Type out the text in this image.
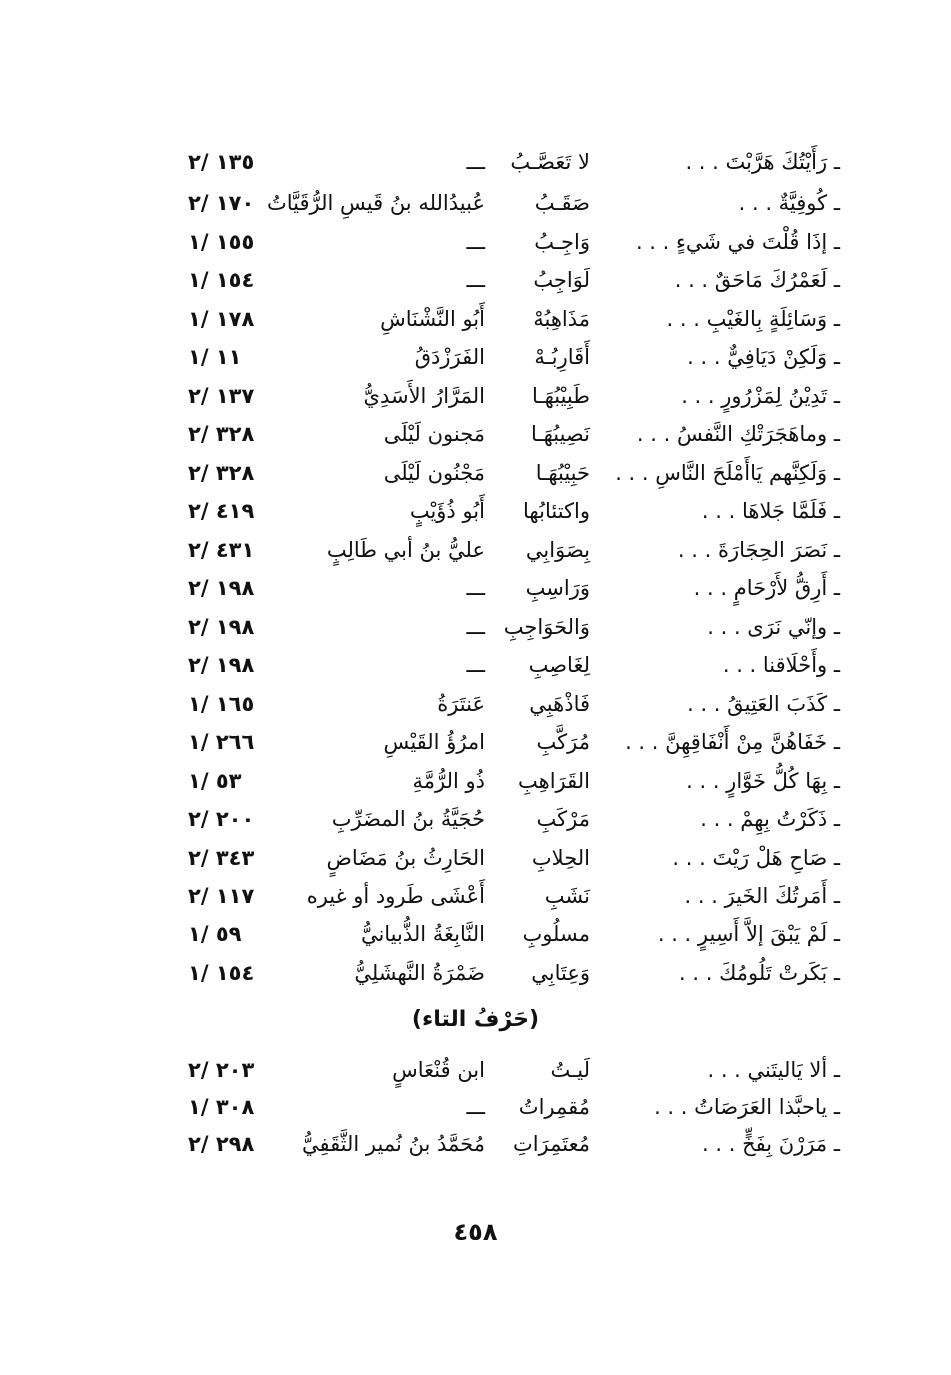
ـ رَأَيْتُكَ هَرَّبْتَ . . .
لا تَعَصَّـبُ
ـــ
١٣٥ /٢
ـ كُوفِيَّةٌ . . .
صَقَـبُ
عُبيدُالله بنُ قَيسِ الرُّقَيَّاتُ
١٧٠ /٢
ـ إذَا قُلْتَ في شَيءٍ . . .
وَاجِـبُ
ـــ
١٥٥ /١
ـ لَعَمْرُكَ مَاحَقٌ . . .
لَوَاجِبُ
ـــ
١٥٤ /١
ـ وَسَائِلَةٍ بِالغَيْبِ . . .
مَذَاهِبُهْ
أَبُو النَّشْنَاشِ
١٧٨ /١
ـ وَلَكِنْ دَيَافِيٌّ . . .
أَقَارِبُـهْ
الفَرَزْدَقُ
١١ /١
ـ تَدِيْنُ لِمَزْرُورٍ . . .
طَبِيْبُهَـا
المَرَّارُ الأَسَدِيُّ
١٣٧ /٢
ـ وماهَجَرَتْكِ النَّفسُ . . .
نَصِيبُهَـا
مَجنون لَيْلَى
٣٢٨ /٢
ـ وَلَكِنَّهم يَاأَمْلَحَ النَّاسِ . . .
حَبِيْبُهَـا
مَجْنُون لَيْلَى
٣٢٨ /٢
ـ فَلَمَّا جَلاهَا . . .
واكتئابُها
أَبُو ذُؤَيْبٍ
٤١٩ /٢
ـ نَصَرَ الحِجَارَةَ . . .
بِصَوَابِي
عليُّ بنُ أبي طَالِبٍ
٤٣١ /٢
ـ أَرِقُّ لأَرْحَامٍ . . .
وَرَاسِبِ
ـــ
١٩٨ /٢
ـ وإنّي نَرَى . . .
وَالحَوَاجِبِ
ـــ
١٩٨ /٢
ـ وأَحْلَاقنا . . .
لِغَاصِبِ
ـــ
١٩٨ /٢
ـ كَذَبَ العَتِيقُ . . .
فَاذْهَبِي
عَنتَرَةُ
١٦٥ /١
ـ خَفَاهُنَّ مِنْ أَنْفَاقِهِنَّ . . .
مُرَكَّبِ
امرُؤُ القَيْسِ
٢٦٦ /١
ـ بِهَا كُلُّ خَوَّارٍ . . .
القَرَاهِبِ
ذُو الرُّمَّةِ
٥٣ /١
ـ ذَكَرْتُ بِهِمْ . . .
مَرْكَبِ
حُجَيَّةُ بنُ المضَرِّبِ
٢٠٠ /٢
ـ صَاحِ هَلْ رَيْتَ . . .
الحِلابِ
الحَارِثُ بنُ مَضَاضٍ
٣٤٣ /٢
ـ أَمَرتُكَ الخَيرَ . . .
نَشَبِ
أَعْشَى طَرود أو غيره
١١٧ /٢
ـ لَمْ يَبْقَ إلاَّ أَسِيرٍ . . .
مسلُوبِ
النَّابِغَةُ الذُّبيانيُّ
٥٩ /١
ـ بَكَرتْ تَلُومُكَ . . .
وَعِتَابِي
ضَمْرَةُ النَّهشَلِيُّ
١٥٤ /١
(حَرْفُ التاء)
ـ ألا يَاليتَني . . .
لَيـتُ
ابن قُنْعَاسٍ
٢٠٣ /٢
ـ ياحبَّذا العَرَصَاتُ . . .
مُقمِراتُ
ـــ
٣٠٨ /١
ـ مَرَرْنَ بِفَخٍّ . . .
مُعتَمِرَاتِ
مُحَمَّدُ بنُ نُمير الثَّقَفِيُّ
٢٩٨ /٢
٤٥٨
